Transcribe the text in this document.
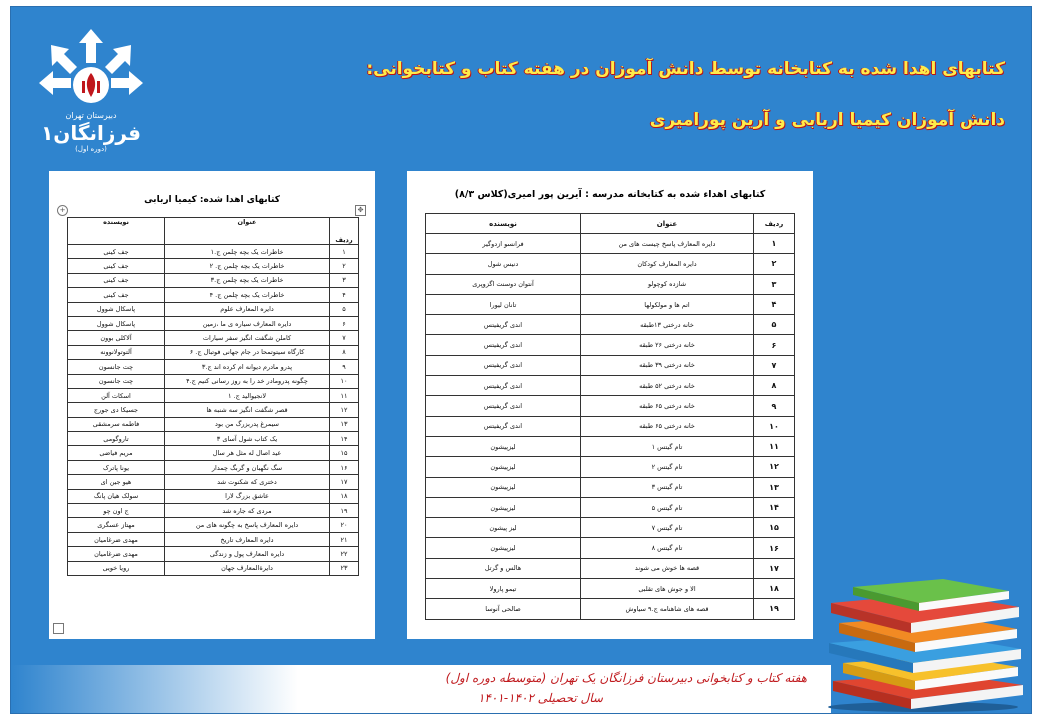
دبیرستان تهران
فرزانگان۱
(دوره اول)
کتابهای اهدا شده به کتابخانه توسط دانش آموزان در هفته کتاب و کتابخوانی:
دانش آموزان کیمیا اربابی و آرین پورامیری
کتابهای اهدا شده: کیمیا اربابی
+	✥
ردیف	عنوان	نویسنده
۱	خاطرات یک بچه چلمن ج.۱	جف کینی
۲	خاطرات یک بچه چلمن ج. ۲	جف کینی
۳	خاطرات یک بچه چلمن ج.۳	جف کینی
۴	خاطرات یک بچه چلمن ج. ۴	جف کینی
۵	دایره المعارف علوم	پاسکال شوول
۶	دایره المعارف سیاره ی ما ،زمین	پاسکال شوول
۷	کاملن شگفت انگیز سفر سیارات	آلاکلی بوون
۸	کارگاه سیتوتمحا در جام جهانی فوتبال ج. ۶	آلتوتولانوونه
۹	پدرو مادرم دیوانه ام کرده اند ج.۳	چت جانسون
۱۰	چگونه پدرومادر خد را به روز رسانی کنیم ج.۴	چت جانسون
۱۱	لانجیوالید ج. ۱	اسکات آلن
۱۲	قصر شگفت انگیز سه شنبه ها	جسیکا دی جورج
۱۳	سیمرغ پدربزرگ من بود	فاطمه سرمشقی
۱۴	یک کتاب شول آسای ۳	تاروگومی
۱۵	عید اصال له مثل هر سال	مریم فیاضی
۱۶	سگ نگهبان و گربگ چمدار	یونا پاترک
۱۷	دختری که شکنوت شد	هیو جین ای
۱۸	عاشق بزرگ لارا	سولک هیان پانگ
۱۹	مردی که جاره شد	ج اون چو
۲۰	دایره المعارف پاسخ به چگونه های من	مهتاز عسگری
۲۱	دایره المعارف تاریخ	مهدی ضرغامیان
۲۲	دایره المعارف پول و زندگی	مهدی ضرغامیان
۲۳	دایرةالمعارف جهان	رویا خویی
کتابهای اهداء شده به کتابخانه مدرسه : آیرین پور امیری(کلاس ۸/۳)
ردیف	عنوان	نویسنده
۱	دایره المعارف پاسخ چیست های من	فرانسو ازدوگیر
۲	دایره المعارف کودکان	دنیس شول
۳	شازده کوچولو	آنتوان دوسنت اگزوپری
۴	اتم ها و مولکولها	تانان لیورا
۵	خانه درختی ۱۳طبقه	اندی گریفیتس
۶	خانه درختی ۲۶ طبقه	اندی گریفیتس
۷	خانه درختی ۳۹ طبقه	اندی گریفیتس
۸	خانه درختی ۵۲ طبقه	اندی گریفیتس
۹	خانه درختی ۶۵ طبقه	اندی گریفیتس
۱۰	خانه درختی ۶۵ طبقه	اندی گریفیتس
۱۱	تام گیتس ۱	لیزپیشون
۱۲	تام گیتس ۲	لیزپیشون
۱۳	تام گیتس ۳	لیزپیشون
۱۴	تام گیتس ۵	لیزپیشون
۱۵	تام گیتس ۷	لیز پیشون
۱۶	تام گیتس ۸	لیزپیشون
۱۷	قصه ها خوش می شوند	هالس و گرتل
۱۸	الا و جوش های تقلبی	تیمو پارولا
۱۹	قصه های شاهنامه ج.۹ سیاوش	صالحی آنوسا
هفته کتاب و کتابخوانی دبیرستان فرزانگان یک تهران (متوسطه دوره اول)
سال تحصیلی ۱۴۰۲-۱۴۰۱
